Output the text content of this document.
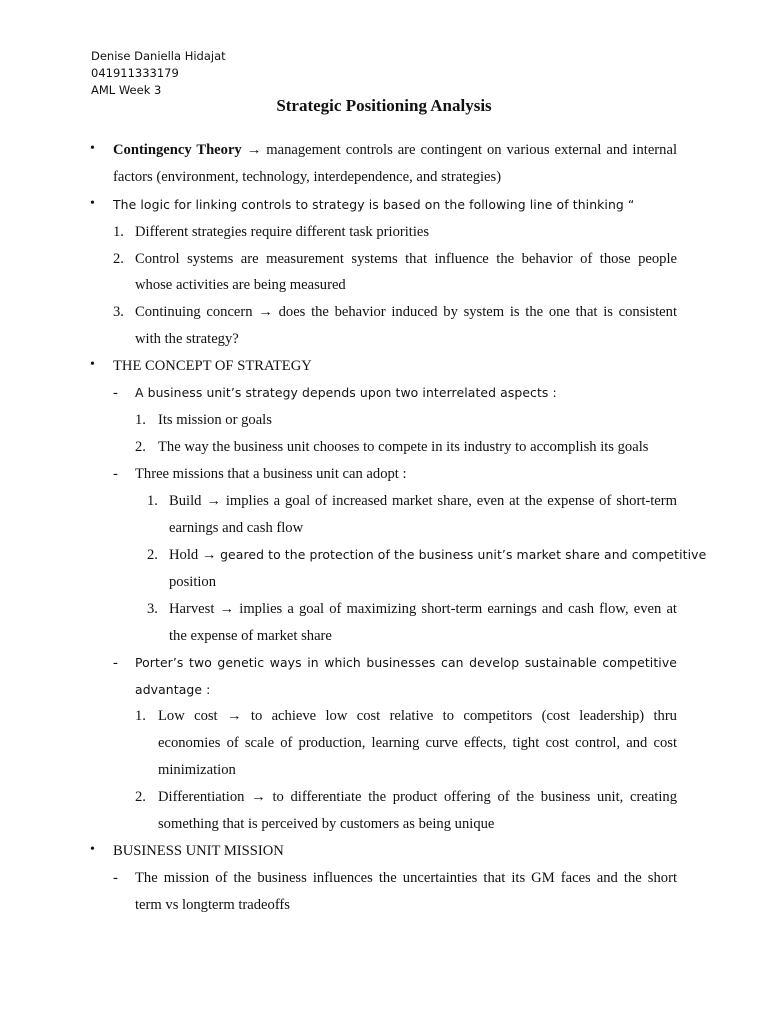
Denise Daniella Hidajat
041911333179
AML Week 3
Strategic Positioning Analysis
• Contingency Theory → management controls are contingent on various external and internal
factors (environment, technology, interdependence, and strategies)
• The logic for linking controls to strategy is based on the following line of thinking “
1. Different strategies require different task priorities
2. Control systems are measurement systems that influence the behavior of those people
whose activities are being measured
3. Continuing concern → does the behavior induced by system is the one that is consistent
with the strategy?
• THE CONCEPT OF STRATEGY
- A business unit’s strategy depends upon two interrelated aspects :
1. Its mission or goals
2. The way the business unit chooses to compete in its industry to accomplish its goals
- Three missions that a business unit can adopt :
1. Build → implies a goal of increased market share, even at the expense of short-term
earnings and cash flow
2. Hold → geared to the protection of the business unit’s market share and competitive
position
3. Harvest → implies a goal of maximizing short-term earnings and cash flow, even at
the expense of market share
- Porter’s two genetic ways in which businesses can develop sustainable competitive
advantage :
1. Low cost → to achieve low cost relative to competitors (cost leadership) thru
economies of scale of production, learning curve effects, tight cost control, and cost
minimization
2. Differentiation → to differentiate the product offering of the business unit, creating
something that is perceived by customers as being unique
• BUSINESS UNIT MISSION
- The mission of the business influences the uncertainties that its GM faces and the short
term vs longterm tradeoffs
